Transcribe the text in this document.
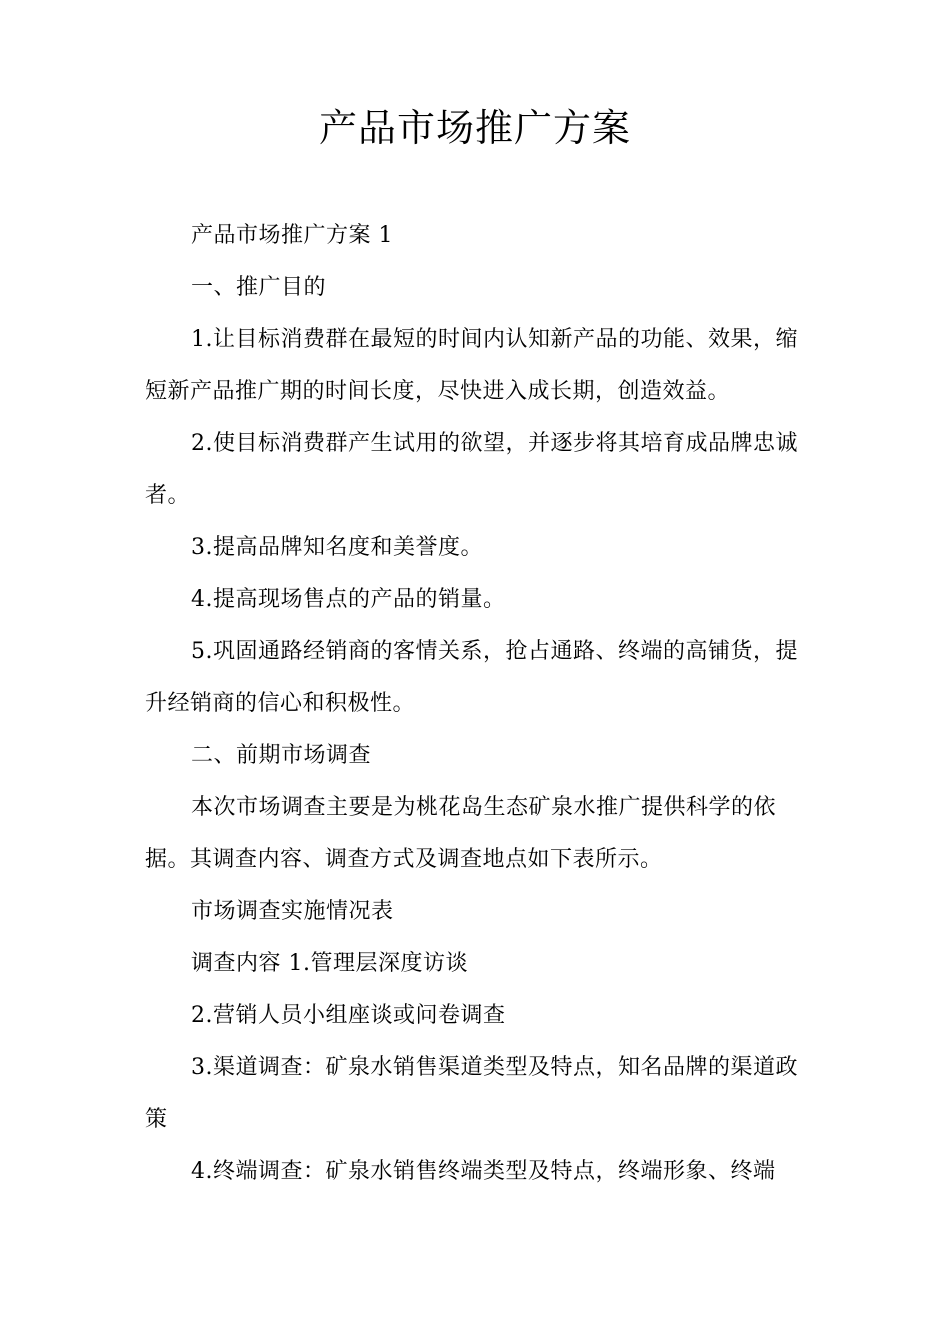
产品市场推广方案

产品市场推广方案 1

一、推广目的

1.让目标消费群在最短的时间内认知新产品的功能、效果，缩短新产品推广期的时间长度，尽快进入成长期，创造效益。

2.使目标消费群产生试用的欲望，并逐步将其培育成品牌忠诚者。

3.提高品牌知名度和美誉度。

4.提高现场售点的产品的销量。

5.巩固通路经销商的客情关系，抢占通路、终端的高铺货，提升经销商的信心和积极性。

二、前期市场调查

本次市场调查主要是为桃花岛生态矿泉水推广提供科学的依据。其调查内容、调查方式及调查地点如下表所示。

市场调查实施情况表

调查内容 1.管理层深度访谈

2.营销人员小组座谈或问卷调查

3.渠道调查：矿泉水销售渠道类型及特点，知名品牌的渠道政策

4.终端调查：矿泉水销售终端类型及特点，终端形象、终端
